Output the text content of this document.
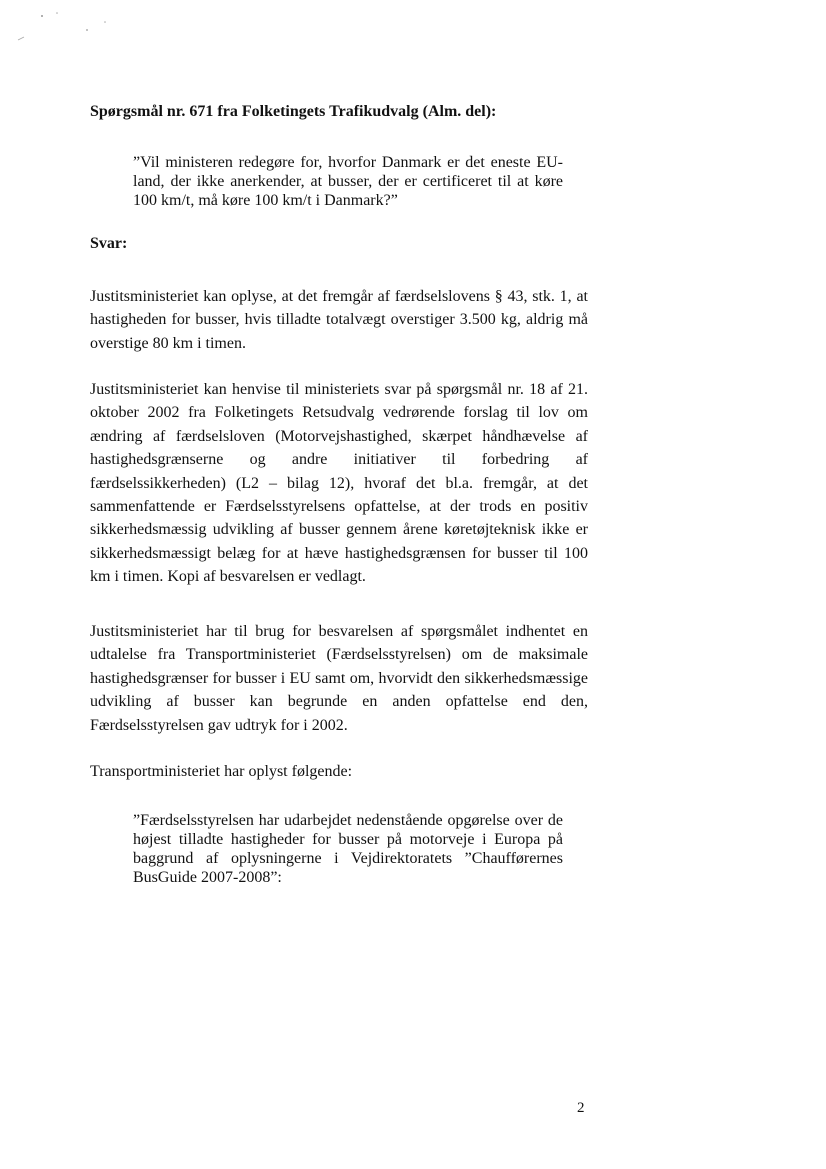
Spørgsmål nr. 671 fra Folketingets Trafikudvalg (Alm. del):

”Vil ministeren redegøre for, hvorfor Danmark er det eneste EU-land, der ikke anerkender, at busser, der er certificeret til at køre 100 km/t, må køre 100 km/t i Danmark?”

Svar:

Justitsministeriet kan oplyse, at det fremgår af færdselslovens § 43, stk. 1, at hastigheden for busser, hvis tilladte totalvægt overstiger 3.500 kg, aldrig må overstige 80 km i timen.

Justitsministeriet kan henvise til ministeriets svar på spørgsmål nr. 18 af 21. oktober 2002 fra Folketingets Retsudvalg vedrørende forslag til lov om ændring af færdselsloven (Motorvejshastighed, skærpet håndhævelse af hastighedsgrænserne og andre initiativer til forbedring af færdselssikkerheden) (L2 – bilag 12), hvoraf det bl.a. fremgår, at det sammenfattende er Færdselsstyrelsens opfattelse, at der trods en positiv sikkerhedsmæssig udvikling af busser gennem årene køretøjteknisk ikke er sikkerhedsmæssigt belæg for at hæve hastighedsgrænsen for busser til 100 km i timen. Kopi af besvarelsen er vedlagt.

Justitsministeriet har til brug for besvarelsen af spørgsmålet indhentet en udtalelse fra Transportministeriet (Færdselsstyrelsen) om de maksimale hastighedsgrænser for busser i EU samt om, hvorvidt den sikkerhedsmæssige udvikling af busser kan begrunde en anden opfattelse end den, Færdselsstyrelsen gav udtryk for i 2002.

Transportministeriet har oplyst følgende:

”Færdselsstyrelsen har udarbejdet nedenstående opgørelse over de højest tilladte hastigheder for busser på motorveje i Europa på baggrund af oplysningerne i Vejdirektoratets ”Chaufførernes BusGuide 2007-2008”:

2
